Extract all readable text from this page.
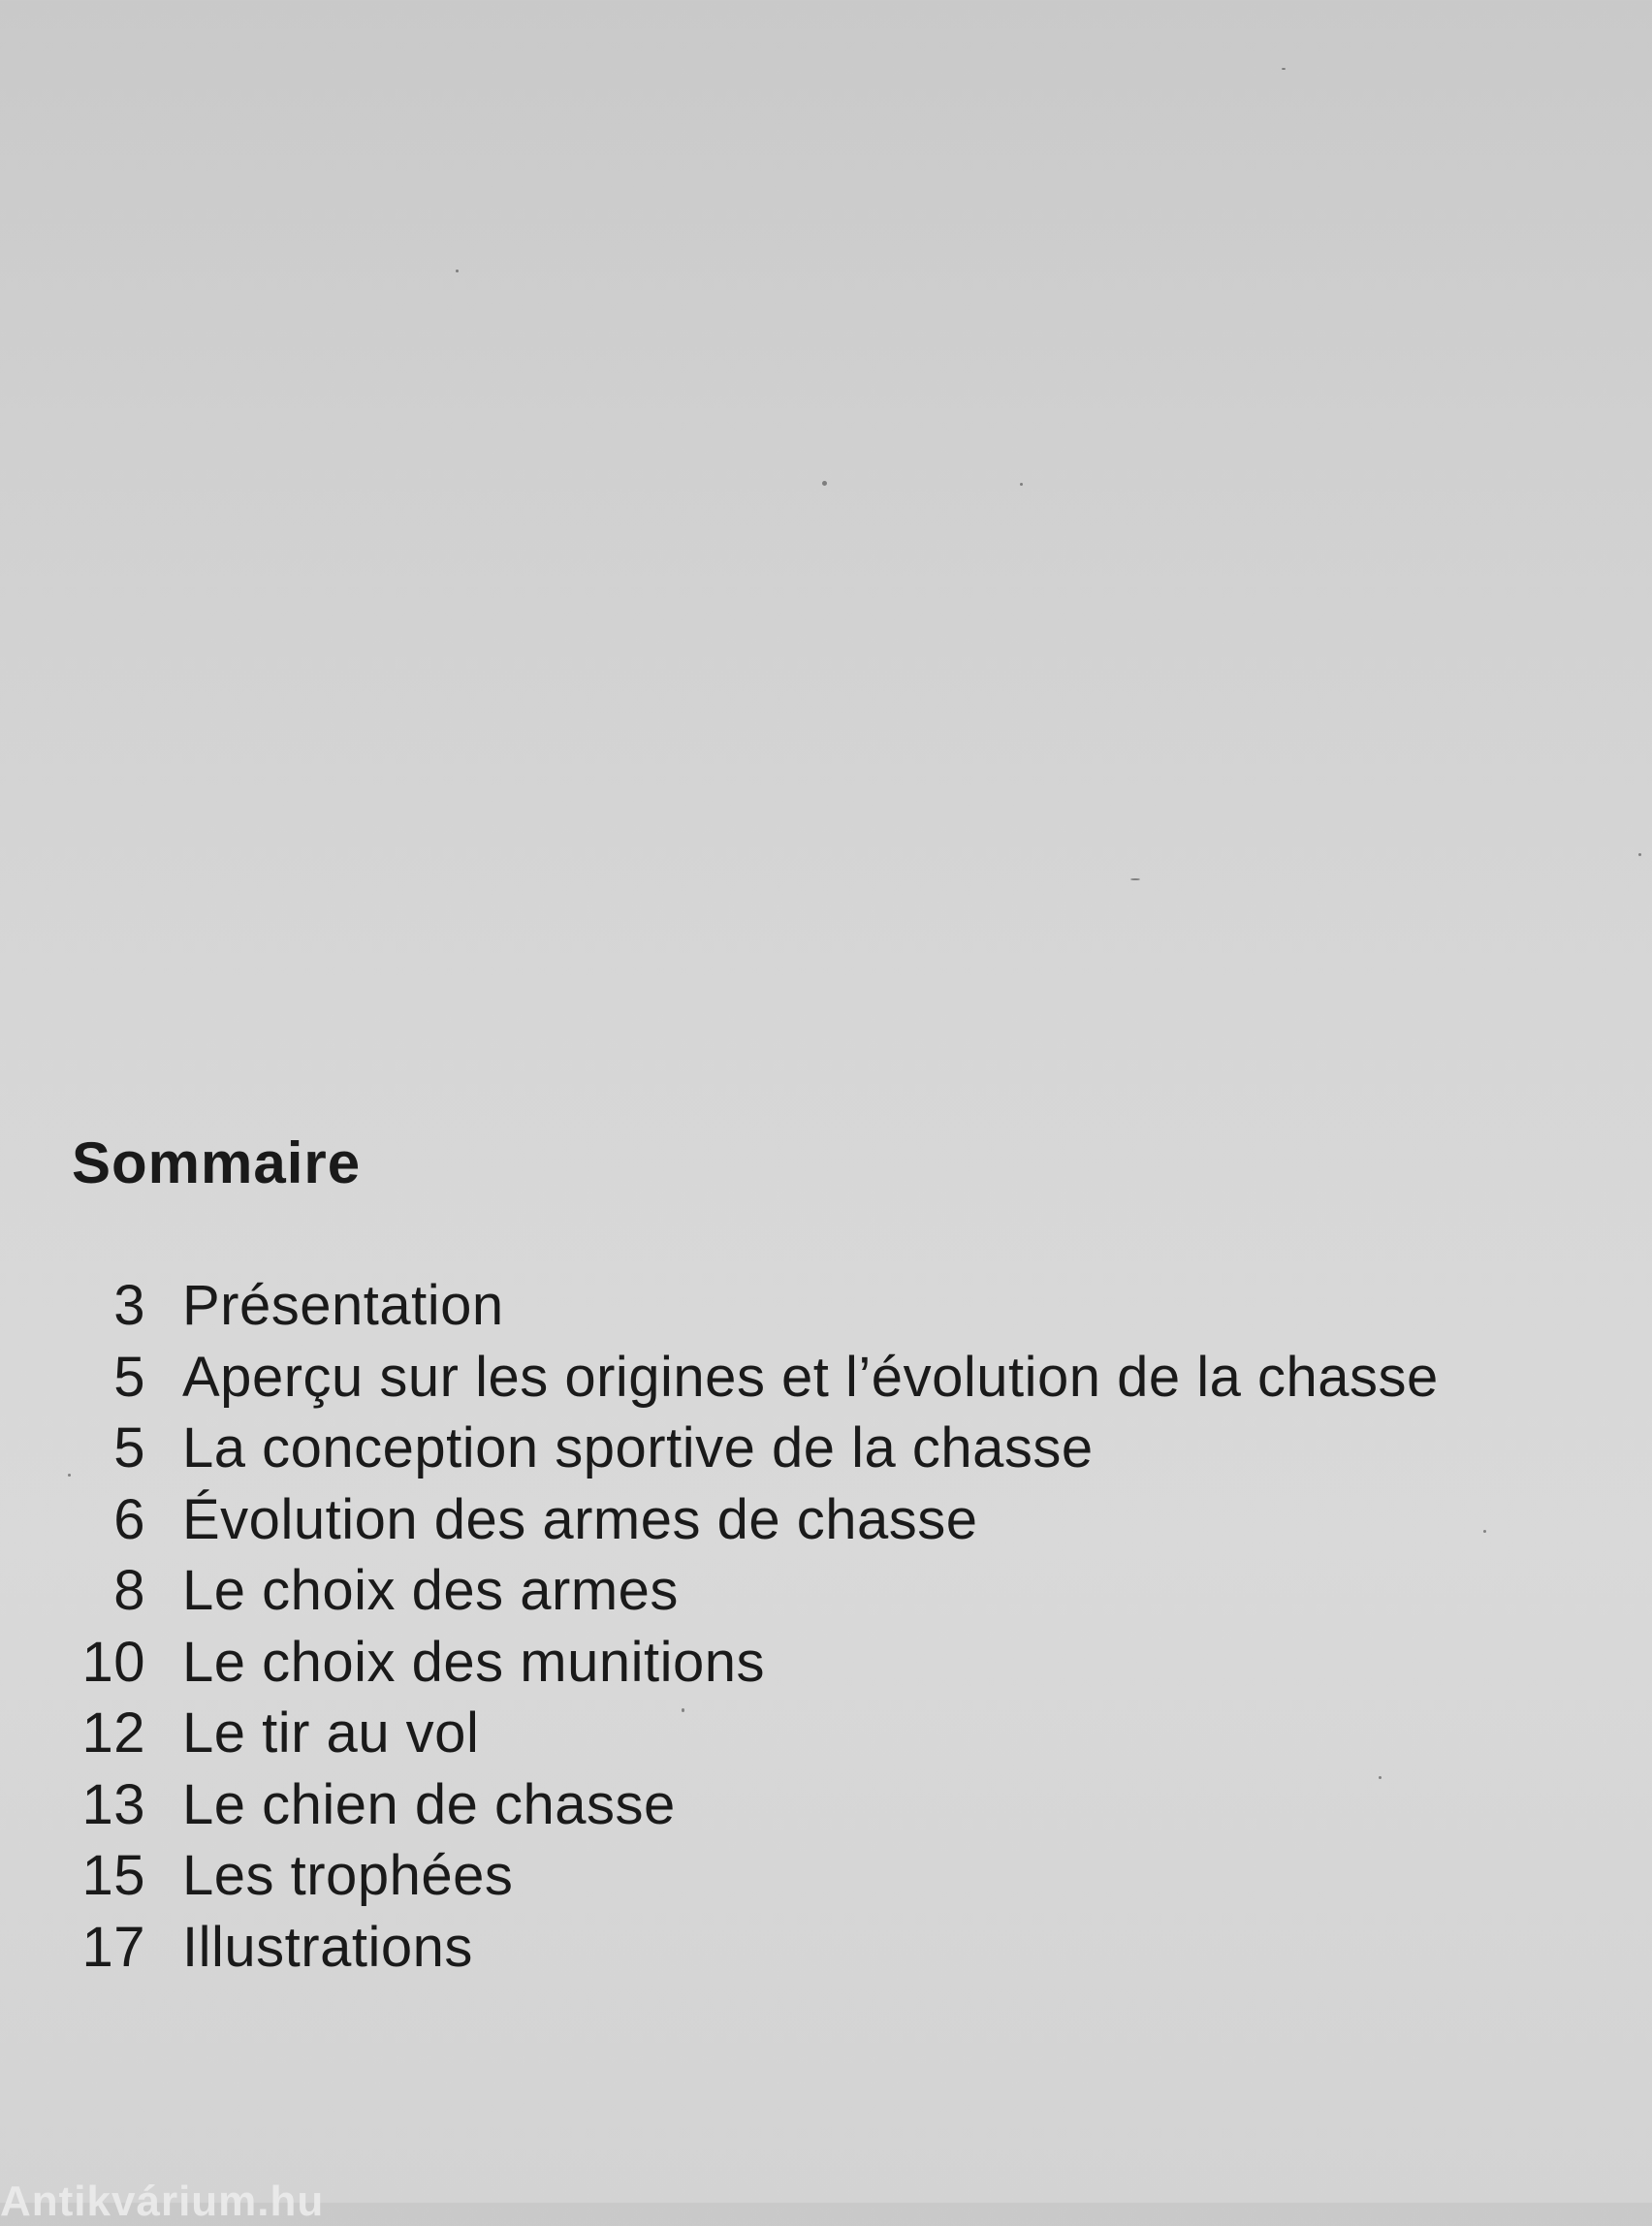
Sommaire
3 Présentation
5 Aperçu sur les origines et l’évolution de la chasse
5 La conception sportive de la chasse
6 Évolution des armes de chasse
8 Le choix des armes
10 Le choix des munitions
12 Le tir au vol
13 Le chien de chasse
15 Les trophées
17 Illustrations
Antikvárium.hu
